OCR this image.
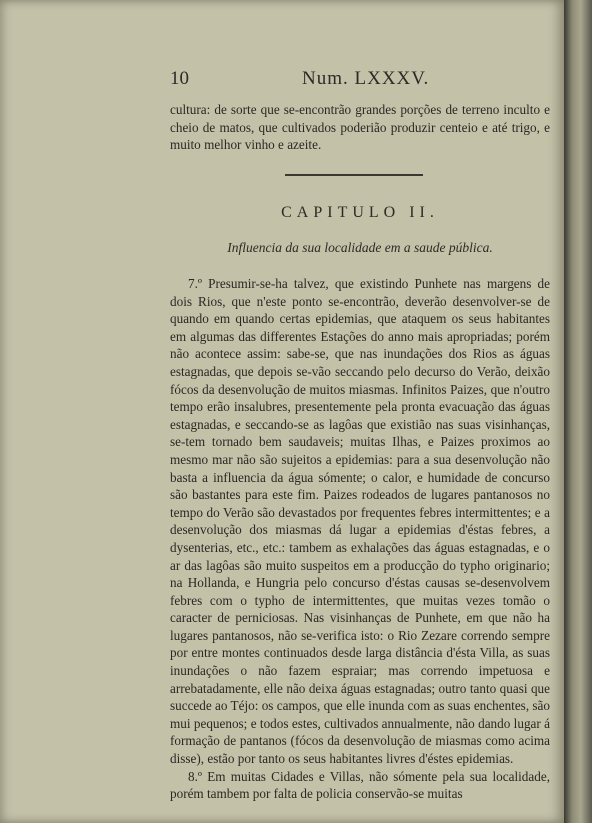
10	Num. LXXXV.

cultura: de sorte que se-encontrão grandes porções de terreno inculto e cheio de matos, que cultivados poderião produzir centeio e até trigo, e muito melhor vinho e azeite.

CAPITULO II.
Influencia da sua localidade em a saude pública.

7.º Presumir-se-ha talvez, que existindo Punhete nas margens de dois Rios, que n'este ponto se-encontrão, deverão desenvolver-se de quando em quando certas epidemias, que ataquem os seus habitantes em algumas das differentes Estações do anno mais apropriadas; porém não acontece assim: sabe-se, que nas inundações dos Rios as águas estagnadas, que depois se-vão seccando pelo decurso do Verão, deixão fócos da desenvolução de muitos miasmas. Infinitos Paizes, que n'outro tempo erão insalubres, presentemente pela pronta evacuação das águas estagnadas, e seccando-se as lagôas que existião nas suas visinhanças, se-tem tornado bem saudaveis; muitas Ilhas, e Paizes proximos ao mesmo mar não são sujeitos a epidemias: para a sua desenvolução não basta a influencia da água sómente; o calor, e humidade de concurso são bastantes para este fim. Paizes rodeados de lugares pantanosos no tempo do Verão são devastados por frequentes febres intermittentes; e a desenvolução dos miasmas dá lugar a epidemias d'éstas febres, a dysenterias, etc., etc.: tambem as exhalações das águas estagnadas, e o ar das lagôas são muito suspeitos em a producção do typho originario; na Hollanda, e Hungria pelo concurso d'éstas causas se-desenvolvem febres com o typho de intermittentes, que muitas vezes tomão o caracter de perniciosas. Nas visinhanças de Punhete, em que não ha lugares pantanosos, não se-verifica isto: o Rio Zezare correndo sempre por entre montes continuados desde larga distância d'ésta Villa, as suas inundações o não fazem espraiar; mas correndo impetuosa e arrebatadamente, elle não deixa águas estagnadas; outro tanto quasi que succede ao Téjo: os campos, que elle inunda com as suas enchentes, são mui pequenos; e todos estes, cultivados annualmente, não dando lugar á formação de pantanos (fócos da desenvolução de miasmas como acima disse), estão por tanto os seus habitantes livres d'éstes epidemias.

8.º Em muitas Cidades e Villas, não sómente pela sua localidade, porém tambem por falta de policia conservão-se muitas
